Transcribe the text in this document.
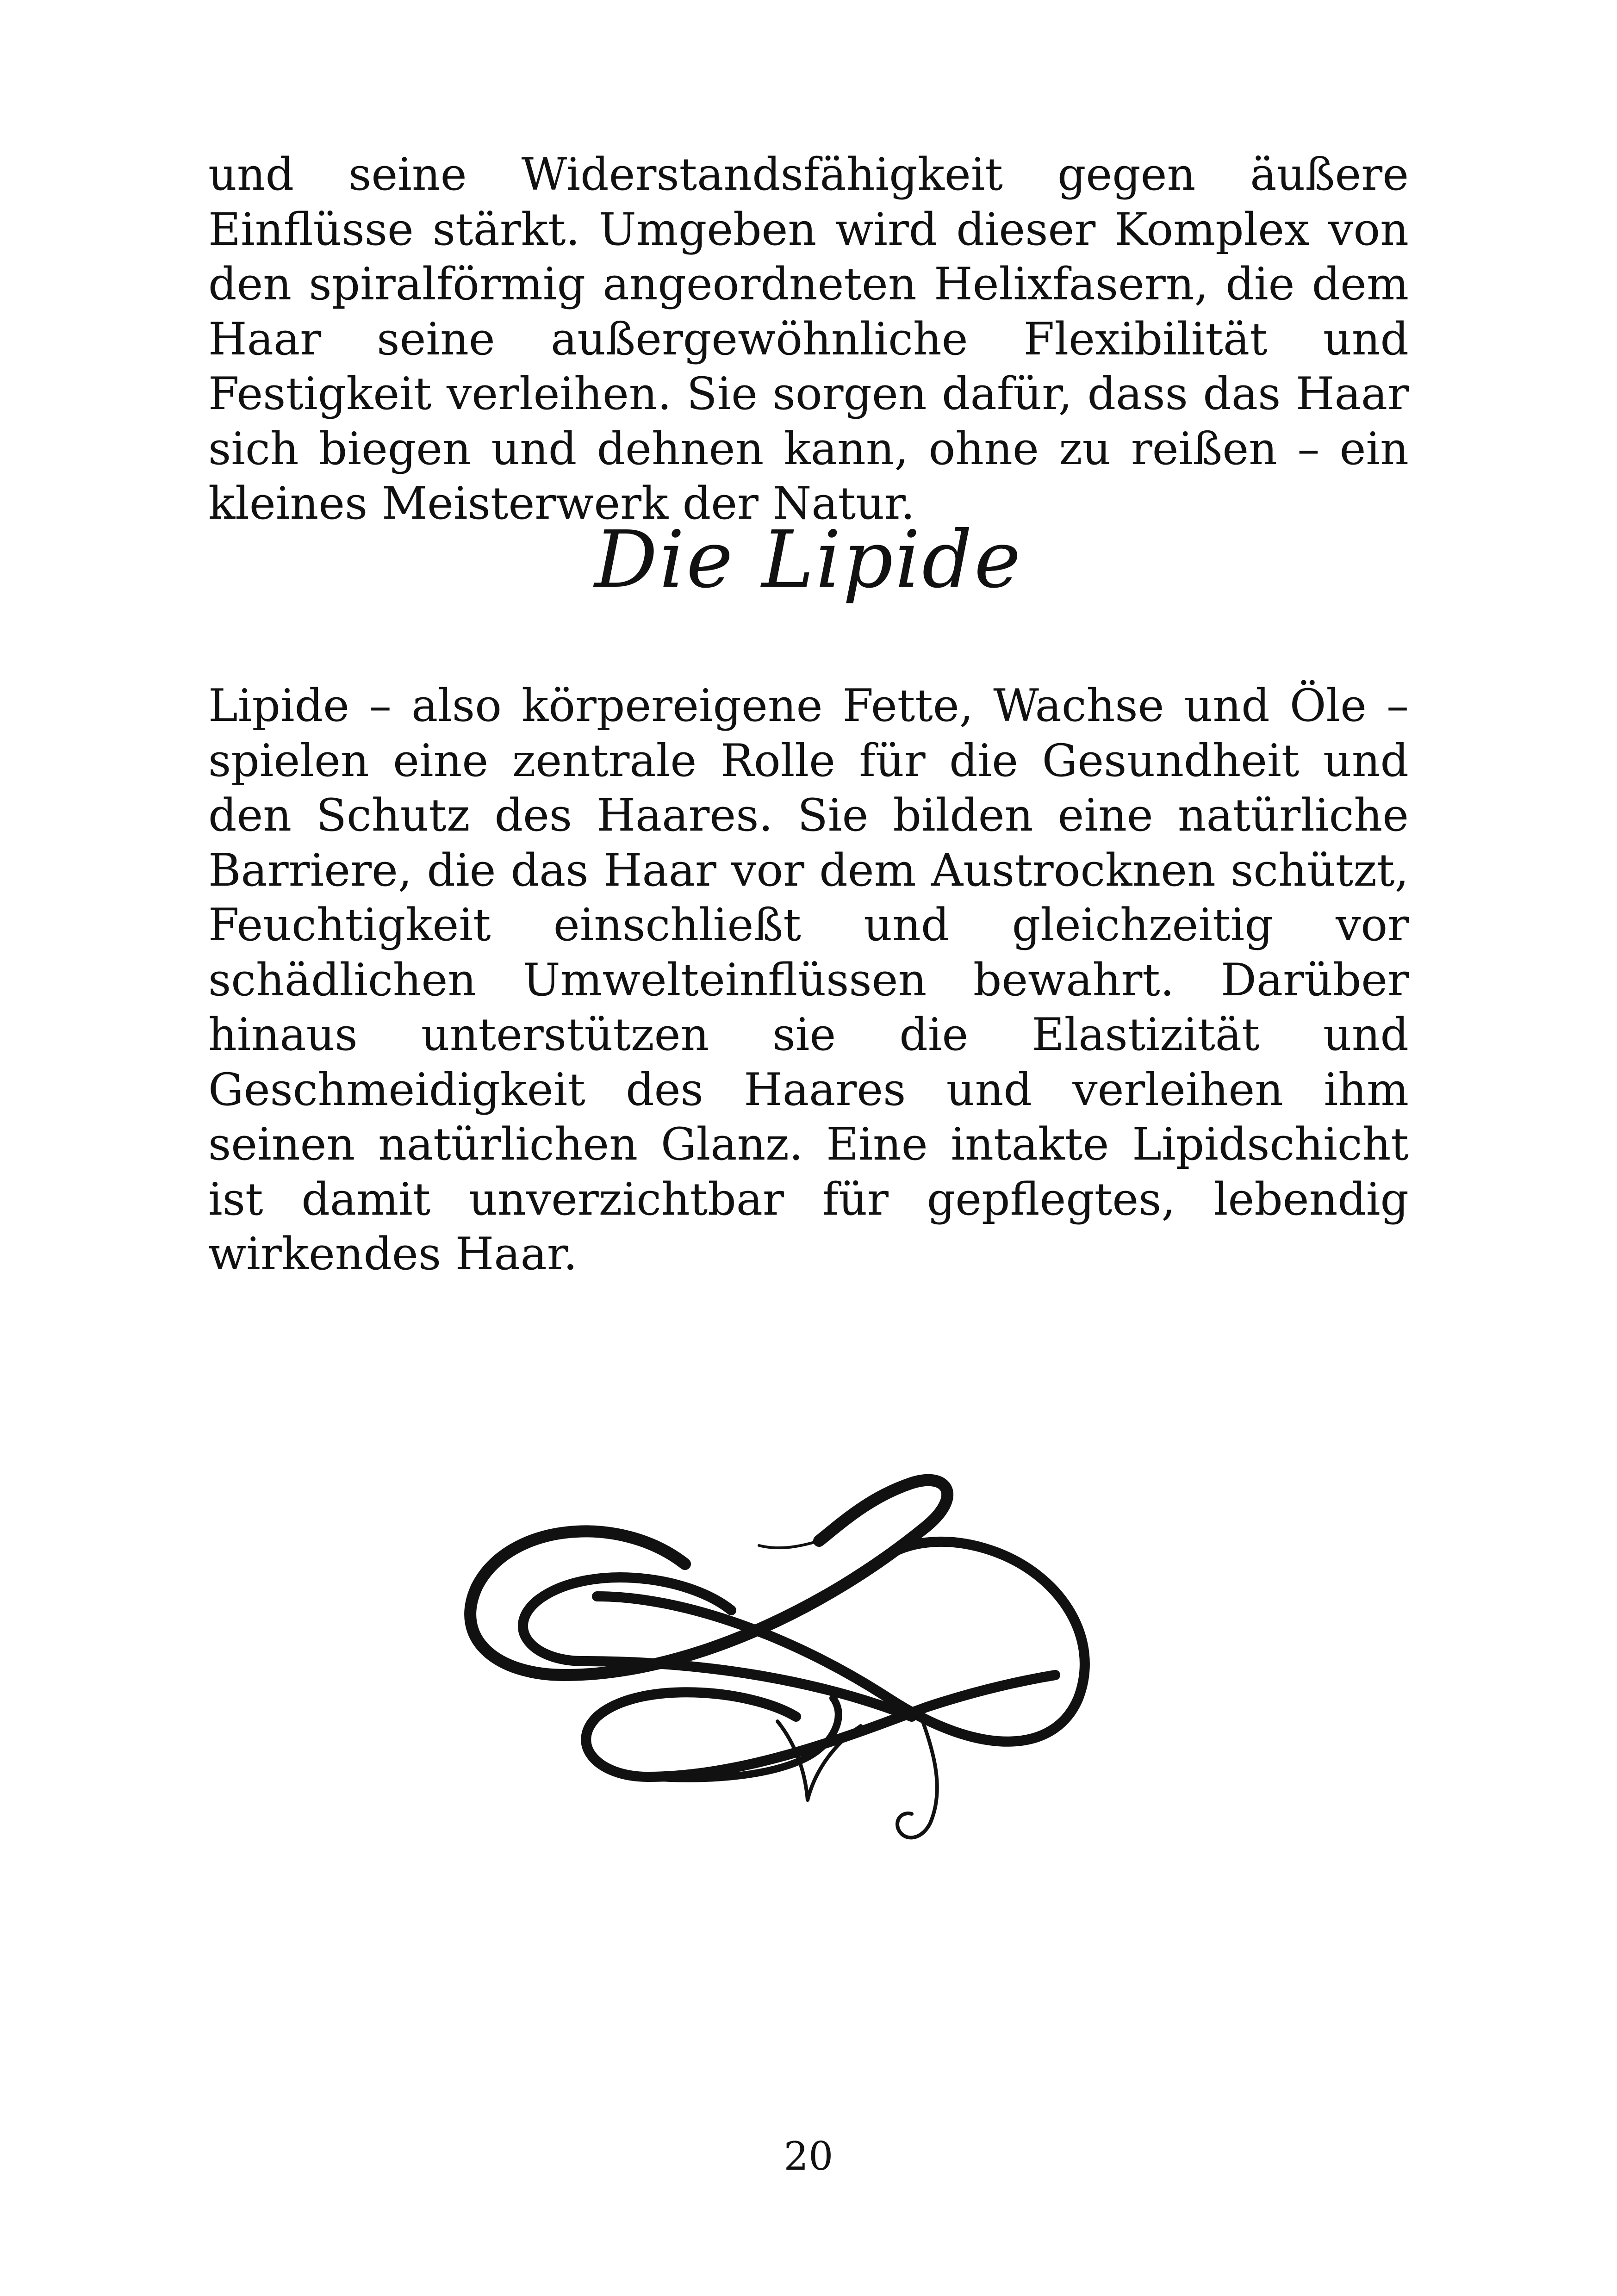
und seine Widerstandsfähigkeit gegen äußere Einflüsse stärkt. Umgeben wird dieser Komplex von den spiralförmig angeordneten Helixfasern, die dem Haar seine außergewöhnliche Flexibilität und Festigkeit verleihen. Sie sorgen dafür, dass das Haar sich biegen und dehnen kann, ohne zu reißen – ein kleines Meisterwerk der Natur.

Die Lipide

Lipide – also körpereigene Fette, Wachse und Öle – spielen eine zentrale Rolle für die Gesundheit und den Schutz des Haares. Sie bilden eine natürliche Barriere, die das Haar vor dem Austrocknen schützt, Feuchtigkeit einschließt und gleichzeitig vor schädlichen Umwelteinflüssen bewahrt. Darüber hinaus unterstützen sie die Elastizität und Geschmeidigkeit des Haares und verleihen ihm seinen natürlichen Glanz. Eine intakte Lipidschicht ist damit unverzichtbar für gepflegtes, lebendig wirkendes Haar.

20
